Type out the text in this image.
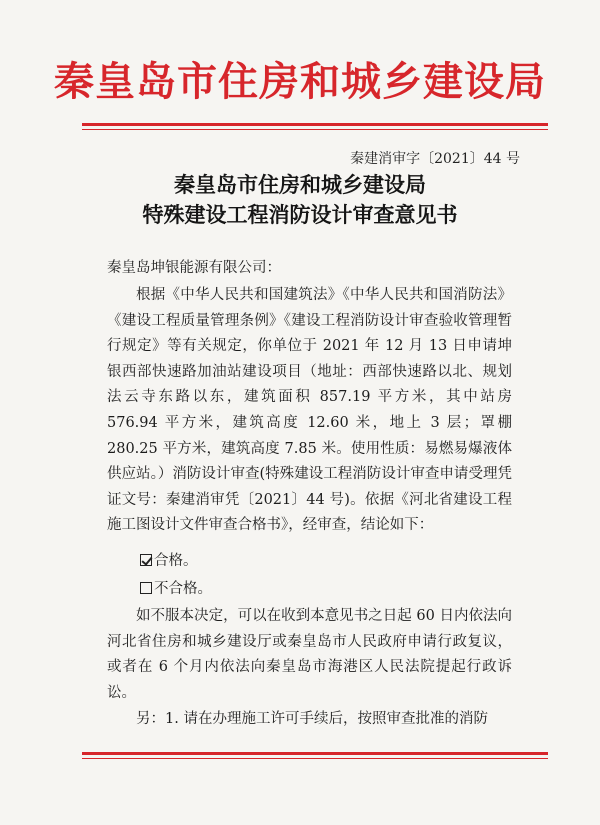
秦皇岛市住房和城乡建设局
秦建消审字〔2021〕44 号
秦皇岛市住房和城乡建设局
特殊建设工程消防设计审查意见书
秦皇岛坤银能源有限公司：

根据《中华人民共和国建筑法》《中华人民共和国消防法》《建设工程质量管理条例》《建设工程消防设计审查验收管理暂行规定》等有关规定，你单位于 2021 年 12 月 13 日申请坤银西部快速路加油站建设项目（地址：西部快速路以北、规划法云寺东路以东，建筑面积 857.19 平方米，其中站房 576.94 平方米，建筑高度 12.60 米，地上 3 层；罩棚 280.25 平方米，建筑高度 7.85 米。使用性质：易燃易爆液体供应站。）消防设计审查(特殊建设工程消防设计审查申请受理凭证文号：秦建消审凭〔2021〕44 号)。依据《河北省建设工程施工图设计文件审查合格书》，经审查，结论如下：

合格。
不合格。

如不服本决定，可以在收到本意见书之日起 60 日内依法向河北省住房和城乡建设厅或秦皇岛市人民政府申请行政复议，或者在 6 个月内依法向秦皇岛市海港区人民法院提起行政诉讼。

另：1. 请在办理施工许可手续后，按照审查批准的消防
